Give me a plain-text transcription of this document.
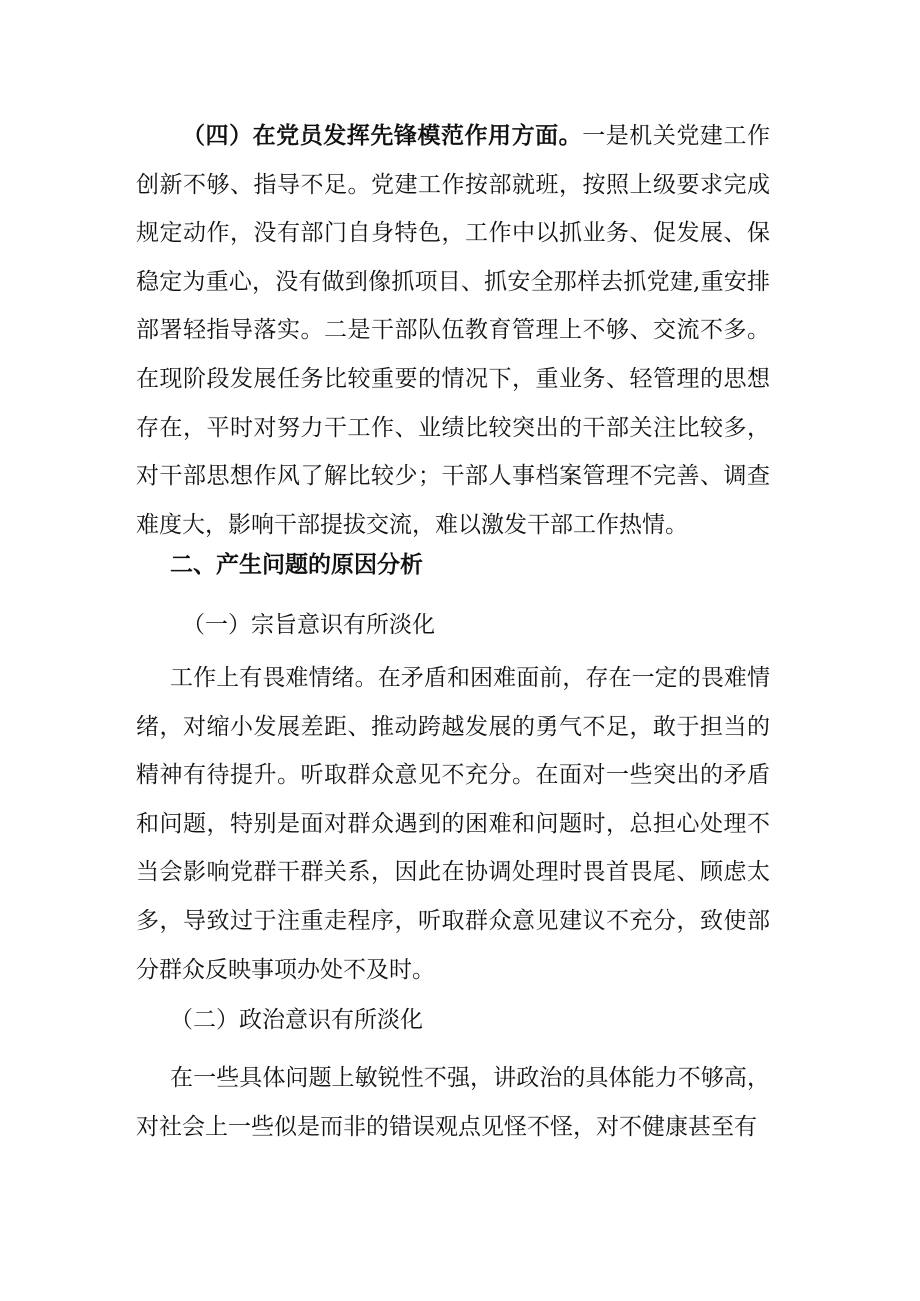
（四）在党员发挥先锋模范作用方面。一是机关党建工作创新不够、指导不足。党建工作按部就班，按照上级要求完成规定动作，没有部门自身特色，工作中以抓业务、促发展、保稳定为重心，没有做到像抓项目、抓安全那样去抓党建,重安排部署轻指导落实。二是干部队伍教育管理上不够、交流不多。在现阶段发展任务比较重要的情况下，重业务、轻管理的思想存在，平时对努力干工作、业绩比较突出的干部关注比较多，对干部思想作风了解比较少；干部人事档案管理不完善、调查难度大，影响干部提拔交流，难以激发干部工作热情。

二、产生问题的原因分析

（一）宗旨意识有所淡化

工作上有畏难情绪。在矛盾和困难面前，存在一定的畏难情绪，对缩小发展差距、推动跨越发展的勇气不足，敢于担当的精神有待提升。听取群众意见不充分。在面对一些突出的矛盾和问题，特别是面对群众遇到的困难和问题时，总担心处理不当会影响党群干群关系，因此在协调处理时畏首畏尾、顾虑太多，导致过于注重走程序，听取群众意见建议不充分，致使部分群众反映事项办处不及时。

（二）政治意识有所淡化

在一些具体问题上敏锐性不强，讲政治的具体能力不够高，对社会上一些似是而非的错误观点见怪不怪，对不健康甚至有
